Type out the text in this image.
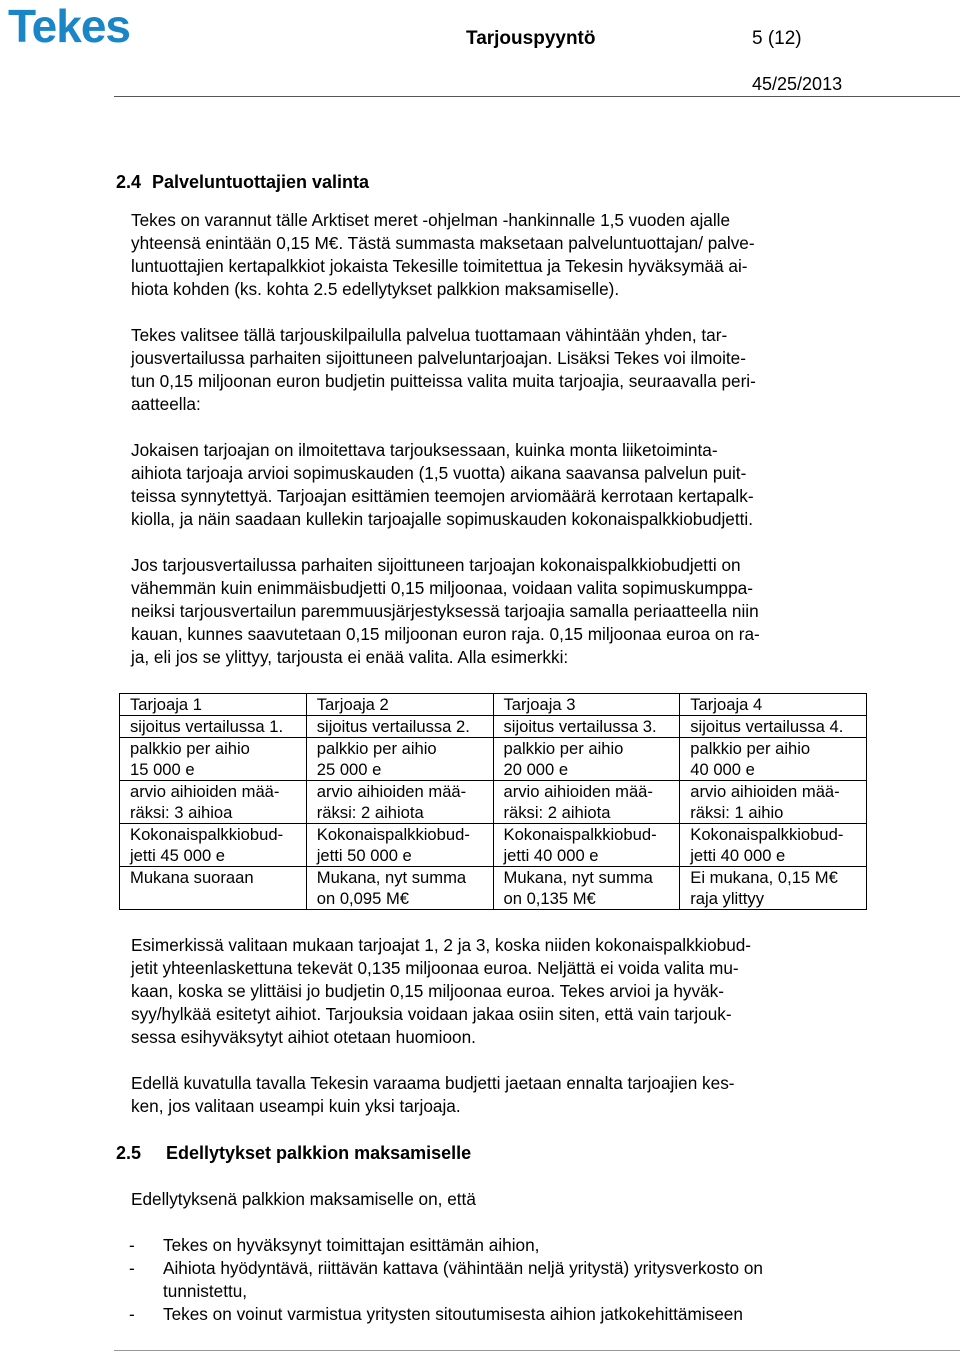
Tekes	Tarjouspyyntö	5 (12)
45/25/2013
2.4 Palveluntuottajien valinta

Tekes on varannut tälle Arktiset meret -ohjelman -hankinnalle 1,5 vuoden ajalle
yhteensä enintään 0,15 M€. Tästä summasta maksetaan palveluntuottajan/ palve-
luntuottajien kertapalkkiot jokaista Tekesille toimitettua ja Tekesin hyväksymää ai-
hiota kohden (ks. kohta 2.5 edellytykset palkkion maksamiselle).

Tekes valitsee tällä tarjouskilpailulla palvelua tuottamaan vähintään yhden, tar-
jousvertailussa parhaiten sijoittuneen palveluntarjoajan. Lisäksi Tekes voi ilmoite-
tun 0,15 miljoonan euron budjetin puitteissa valita muita tarjoajia, seuraavalla peri-
aatteella:

Jokaisen tarjoajan on ilmoitettava tarjouksessaan, kuinka monta liiketoiminta-
aihiota tarjoaja arvioi sopimuskauden (1,5 vuotta) aikana saavansa palvelun puit-
teissa synnytettyä. Tarjoajan esittämien teemojen arviomäärä kerrotaan kertapalk-
kiolla, ja näin saadaan kullekin tarjoajalle sopimuskauden kokonaispalkkiobudjetti.

Jos tarjousvertailussa parhaiten sijoittuneen tarjoajan kokonaispalkkiobudjetti on
vähemmän kuin enimmäisbudjetti 0,15 miljoonaa, voidaan valita sopimuskumppa-
neiksi tarjousvertailun paremmuusjärjestyksessä tarjoajia samalla periaatteella niin
kauan, kunnes saavutetaan 0,15 miljoonan euron raja. 0,15 miljoonaa euroa on ra-
ja, eli jos se ylittyy, tarjousta ei enää valita. Alla esimerkki:

Tarjoaja 1	Tarjoaja 2	Tarjoaja 3	Tarjoaja 4

sijoitus vertailussa 1.	sijoitus vertailussa 2.	sijoitus vertailussa 3.	sijoitus vertailussa 4.

palkkio per aihio
15 000 e	palkkio per aihio
25 000 e	palkkio per aihio
20 000 e	palkkio per aihio
40 000 e

arvio aihioiden mää-
räksi: 3 aihioa	arvio aihioiden mää-
räksi: 2 aihiota	arvio aihioiden mää-
räksi: 2 aihiota	arvio aihioiden mää-
räksi: 1 aihio

Kokonaispalkkiobud-
jetti 45 000 e	Kokonaispalkkiobud-
jetti 50 000 e	Kokonaispalkkiobud-
jetti 40 000 e	Kokonaispalkkiobud-
jetti 40 000 e

Mukana suoraan	Mukana, nyt summa
on 0,095 M€	Mukana, nyt summa
on 0,135 M€	Ei mukana, 0,15 M€
raja ylittyy

Esimerkissä valitaan mukaan tarjoajat 1, 2 ja 3, koska niiden kokonaispalkkiobud-
jetit yhteenlaskettuna tekevät 0,135 miljoonaa euroa. Neljättä ei voida valita mu-
kaan, koska se ylittäisi jo budjetin 0,15 miljoonaa euroa. Tekes arvioi ja hyväk-
syy/hylkää esitetyt aihiot. Tarjouksia voidaan jakaa osiin siten, että vain tarjouk-
sessa esihyväksytyt aihiot otetaan huomioon.

Edellä kuvatulla tavalla Tekesin varaama budjetti jaetaan ennalta tarjoajien kes-
ken, jos valitaan useampi kuin yksi tarjoaja.

2.5 Edellytykset palkkion maksamiselle

Edellytyksenä palkkion maksamiselle on, että

- Tekes on hyväksynyt toimittajan esittämän aihion,
- Aihiota hyödyntävä, riittävän kattava (vähintään neljä yritystä) yritysverkosto on
tunnistettu,
- Tekes on voinut varmistua yritysten sitoutumisesta aihion jatkokehittämiseen
